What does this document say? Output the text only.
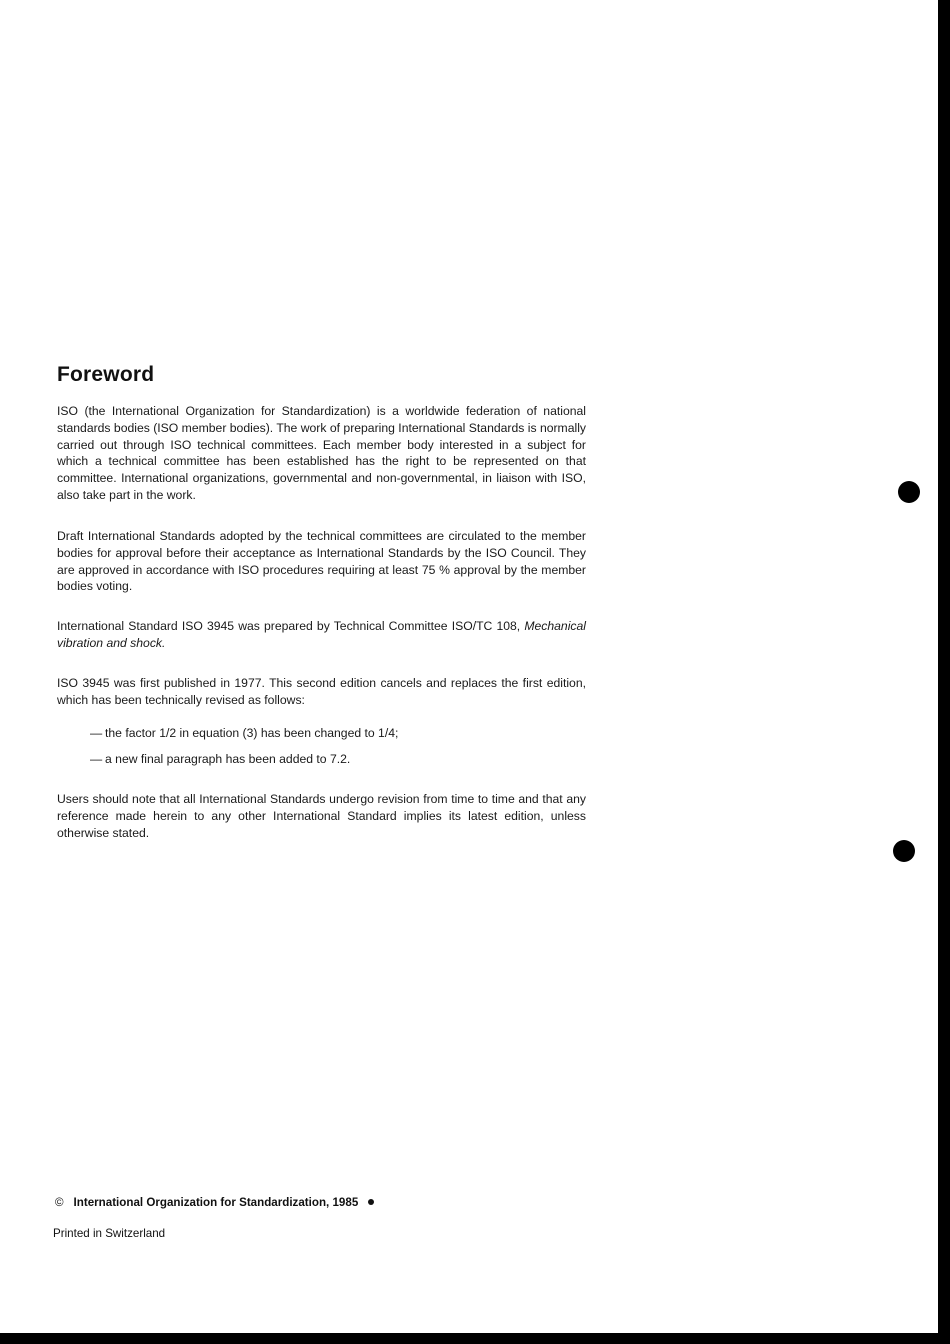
Foreword

ISO (the International Organization for Standardization) is a worldwide federation of national standards bodies (ISO member bodies). The work of preparing International Standards is normally carried out through ISO technical committees. Each member body interested in a subject for which a technical committee has been established has the right to be represented on that committee. International organizations, governmental and non-governmental, in liaison with ISO, also take part in the work.

Draft International Standards adopted by the technical committees are circulated to the member bodies for approval before their acceptance as International Standards by the ISO Council. They are approved in accordance with ISO procedures requiring at least 75 % approval by the member bodies voting.

International Standard ISO 3945 was prepared by Technical Committee ISO/TC 108, Mechanical vibration and shock.

ISO 3945 was first published in 1977. This second edition cancels and replaces the first edition, which has been technically revised as follows:

— the factor 1/2 in equation (3) has been changed to 1/4;
— a new final paragraph has been added to 7.2.

Users should note that all International Standards undergo revision from time to time and that any reference made herein to any other International Standard implies its latest edition, unless otherwise stated.

© International Organization for Standardization, 1985
Printed in Switzerland
